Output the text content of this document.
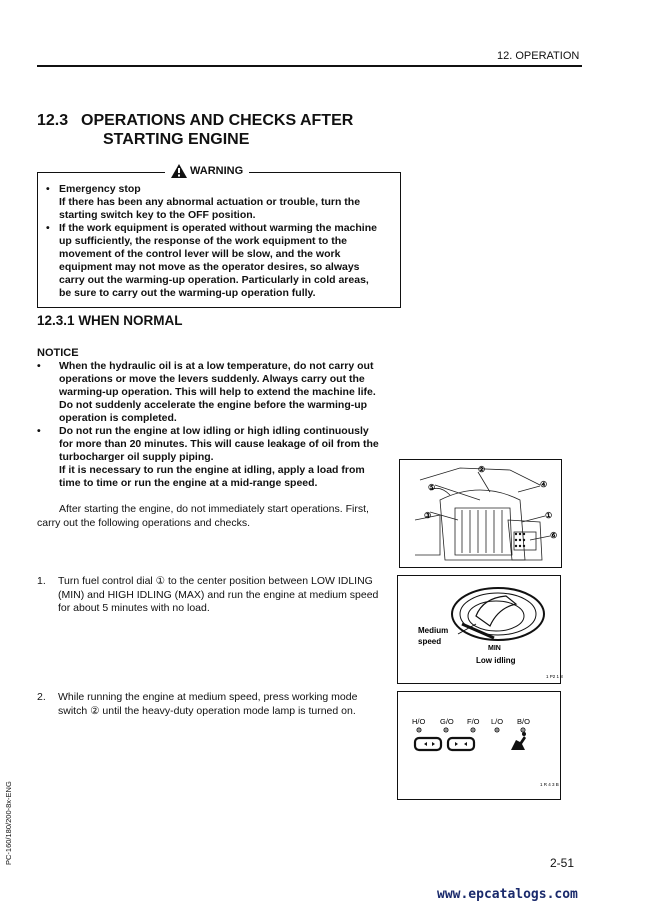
12. OPERATION
12.3 OPERATIONS AND CHECKS AFTER
STARTING ENGINE
WARNING
• Emergency stop
If there has been any abnormal actuation or trouble, turn the starting switch key to the OFF position.
• If the work equipment is operated without warming the machine up sufficiently, the response of the work equipment to the movement of the control lever will be slow, and the work equipment may not move as the operator desires, so always carry out the warming-up operation. Particularly in cold areas, be sure to carry out the warming-up operation fully.
12.3.1 WHEN NORMAL
NOTICE
• When the hydraulic oil is at a low temperature, do not carry out operations or move the levers suddenly. Always carry out the warming-up operation. This will help to extend the machine life. Do not suddenly accelerate the engine before the warming-up operation is completed.
• Do not run the engine at low idling or high idling continuously for more than 20 minutes. This will cause leakage of oil from the turbocharger oil supply piping.
If it is necessary to run the engine at idling, apply a load from time to time or run the engine at a mid-range speed.
After starting the engine, do not immediately start operations. First, carry out the following operations and checks.
1. Turn fuel control dial ① to the center position between LOW IDLING (MIN) and HIGH IDLING (MAX) and run the engine at medium speed for about 5 minutes with no load.
2. While running the engine at medium speed, press working mode switch ② until the heavy-duty operation mode lamp is turned on.
⑤
②
④
③	①
⑥
Medium
speed
MIN
Low idling
1 P2 1 8
H/O G/O F/O L/O B/O
1 R 4 3 B
PC-160/180/200-8x-ENG	2-51
www.epcatalogs.com
